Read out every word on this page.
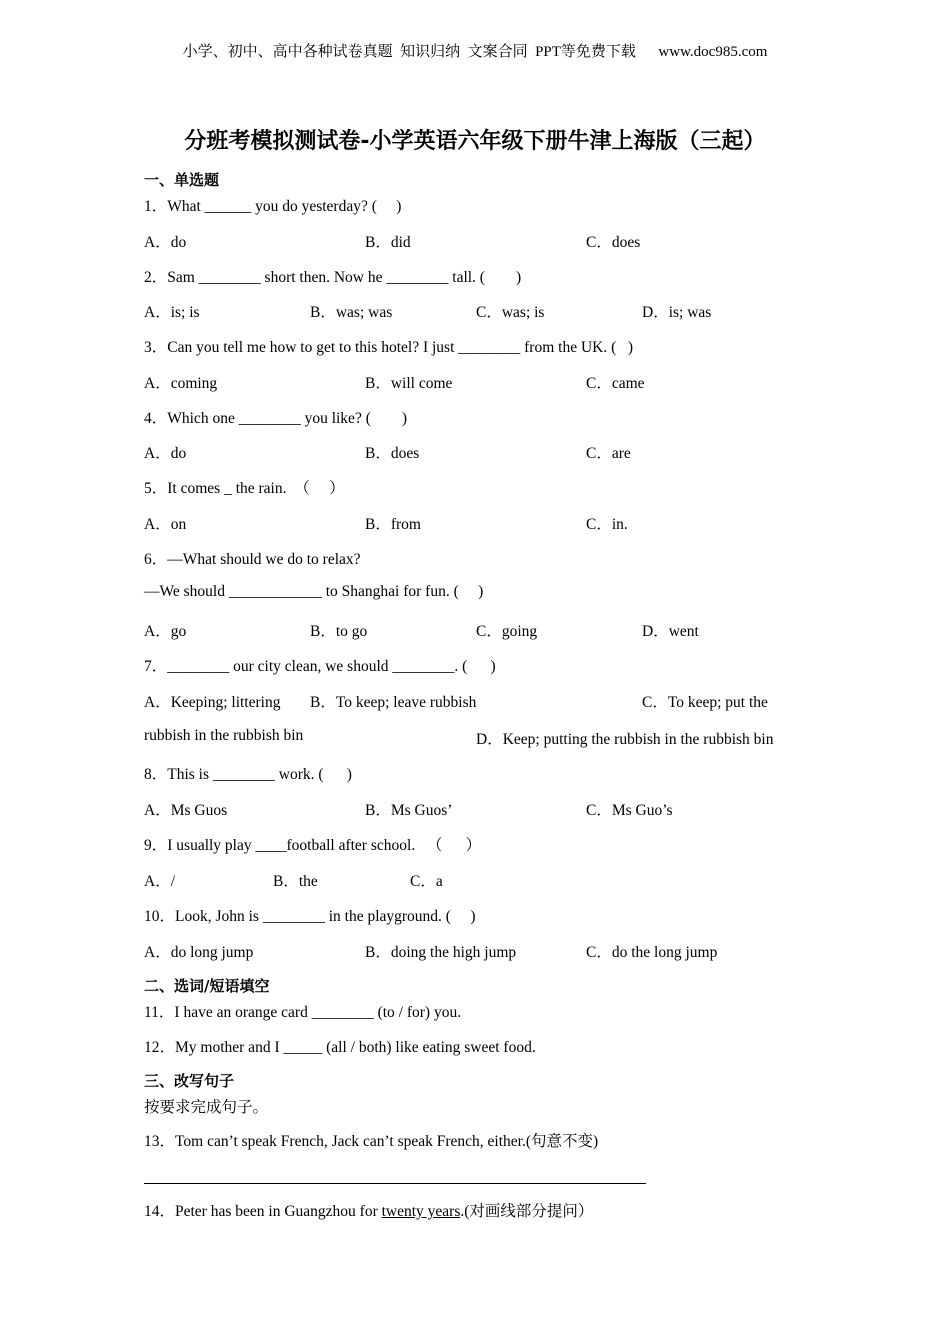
小学、初中、高中各种试卷真题  知识归纳  文案合同  PPT等免费下载      www.doc985.com
分班考模拟测试卷-小学英语六年级下册牛津上海版（三起）
一、单选题
1．What ______ you do yesterday? (     )
A．do	B．did	C．does
2．Sam ________ short then. Now he ________ tall. (        )
A．is; is	B．was; was	C．was; is	D．is; was
3．Can you tell me how to get to this hotel? I just ________ from the UK. (   )
A．coming	B．will come	C．came
4．Which one ________ you like? (        )
A．do	B．does	C．are
5．It comes _ the rain.  （     ）
A．on	B．from	C．in.
6．—What should we do to relax?
—We should ____________ to Shanghai for fun. (     )
A．go	B．to go	C．going	D．went
7．________ our city clean, we should ________. (      )
A．Keeping; littering B．To keep; leave rubbish	C．To keep; put the
rubbish in the rubbish bin	D．Keep; putting the rubbish in the rubbish bin
8．This is ________ work. (      )
A．Ms Guos	B．Ms Guos’	C．Ms Guo’s
9．I usually play ____football after school.   （      ）
A．/	B．the	C．a
10．Look, John is ________ in the playground. (     )
A．do long jump	B．doing the high jump	C．do the long jump
二、选词/短语填空
11．I have an orange card ________ (to / for) you.
12．My mother and I _____ (all / both) like eating sweet food.
三、改写句子
按要求完成句子。
13．Tom can’t speak French, Jack can’t speak French, either.(句意不变)
14．Peter has been in Guangzhou for twenty years.(对画线部分提问）
